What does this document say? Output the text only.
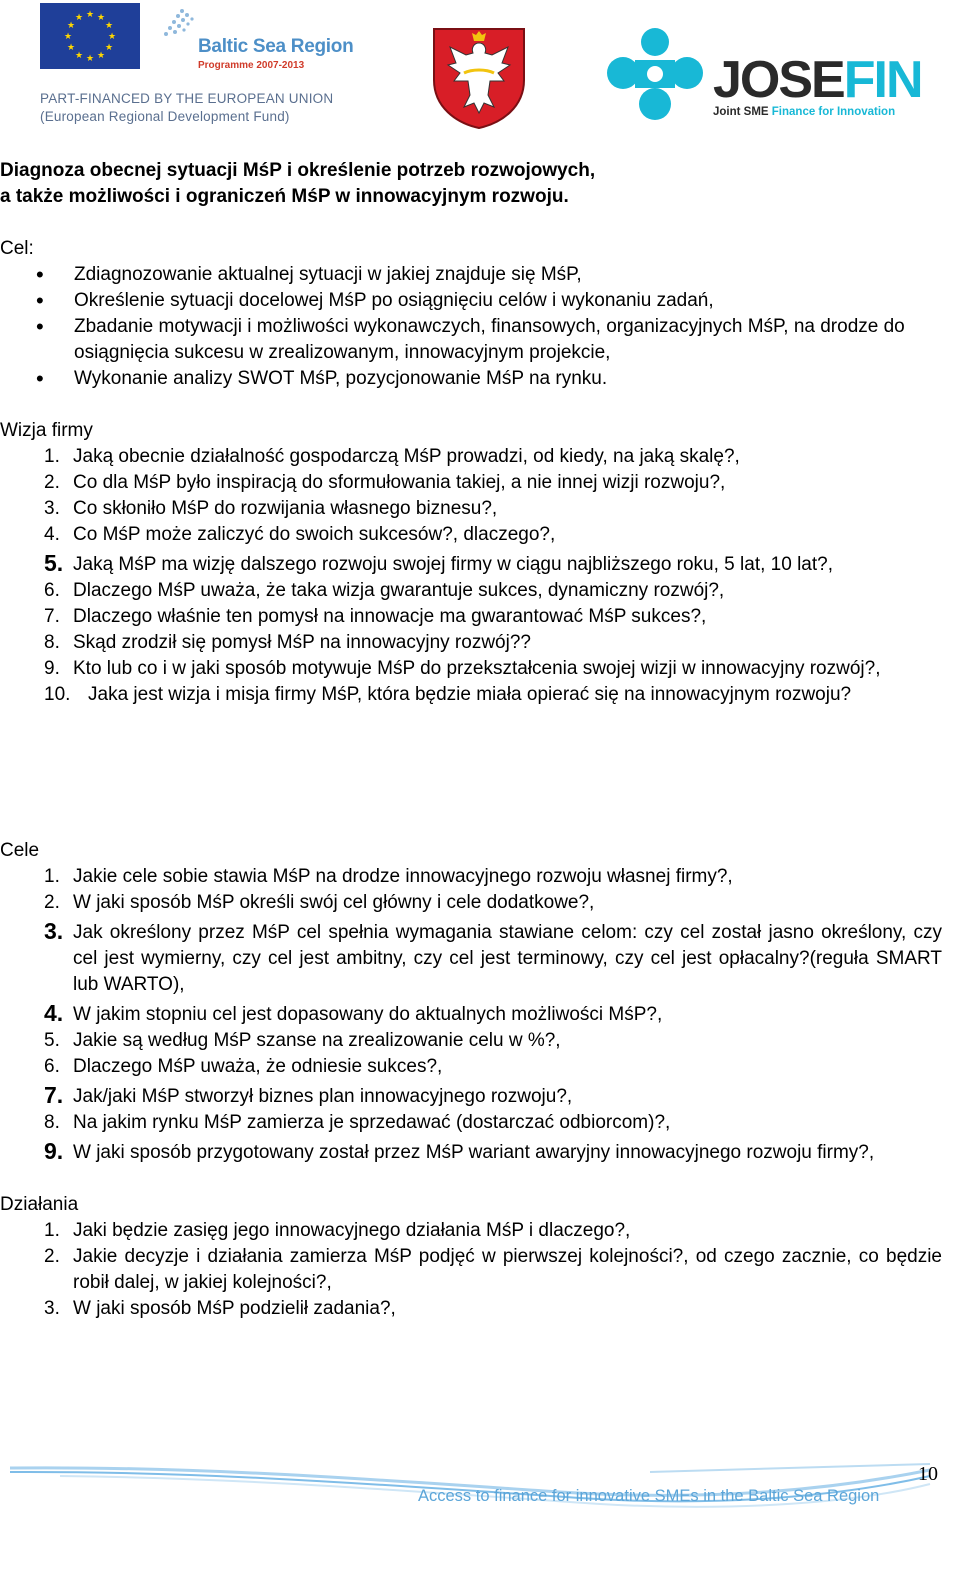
★ ★
★
★
★
★
★
★
★
★
★
★
Baltic Sea Region
Programme 2007-2013
PART-FINANCED BY THE EUROPEAN UNION
(European Regional Development Fund)
JOSEFIN
Joint SME Finance for Innovation

Diagnoza obecnej sytuacji MśP i określenie potrzeb rozwojowych,

a także możliwości i ograniczeń MśP w innowacyjnym rozwoju.

Cel:

• Zdiagnozowanie aktualnej sytuacji w jakiej znajduje się MśP,
• Określenie sytuacji docelowej MśP po osiągnięciu celów i wykonaniu zadań,
• Zbadanie motywacji i możliwości wykonawczych, finansowych, organizacyjnych MśP, na drodze do osiągnięcia sukcesu w zrealizowanym, innowacyjnym projekcie,
• Wykonanie analizy SWOT MśP, pozycjonowanie MśP na rynku.

Wizja firmy

1. Jaką obecnie działalność gospodarczą MśP prowadzi, od kiedy, na jaką skalę?,
2. Co dla MśP było inspiracją do sformułowania takiej, a nie innej wizji rozwoju?,
3. Co skłoniło MśP do rozwijania własnego biznesu?,
4. Co MśP może zaliczyć do swoich sukcesów?, dlaczego?,
5. Jaką MśP ma wizję dalszego rozwoju swojej firmy w ciągu najbliższego roku, 5 lat, 10 lat?,
6. Dlaczego MśP uważa, że taka wizja gwarantuje sukces, dynamiczny rozwój?,
7. Dlaczego właśnie ten pomysł na innowacje ma gwarantować MśP sukces?,
8. Skąd zrodził się pomysł MśP na innowacyjny rozwój??
9. Kto lub co i w jaki sposób motywuje MśP do przekształcenia swojej wizji w innowacyjny rozwój?,
10. Jaka jest wizja i misja firmy MśP, która będzie miała opierać się na innowacyjnym rozwoju?

Cele

1. Jakie cele sobie stawia MśP na drodze innowacyjnego rozwoju własnej firmy?,
2. W jaki sposób MśP określi swój cel główny i cele dodatkowe?,
3. Jak określony przez MśP cel spełnia wymagania stawiane celom: czy cel został jasno określony, czy cel jest wymierny, czy cel jest ambitny, czy cel jest terminowy, czy cel jest opłacalny?(reguła SMART lub WARTO),
4. W jakim stopniu cel jest dopasowany do aktualnych możliwości MśP?,
5. Jakie są według MśP szanse na zrealizowanie celu w %?,
6. Dlaczego MśP uważa, że odniesie sukces?,
7. Jak/jaki MśP stworzył biznes plan innowacyjnego rozwoju?,
8. Na jakim rynku MśP zamierza je sprzedawać (dostarczać odbiorcom)?,
9. W jaki sposób przygotowany został przez MśP wariant awaryjny innowacyjnego rozwoju firmy?,

Działania

1. Jaki będzie zasięg jego innowacyjnego działania MśP i dlaczego?,
2. Jakie decyzje i działania zamierza MśP podjęć w pierwszej kolejności?, od czego zacznie, co będzie robił dalej, w jakiej kolejności?,
3. W jaki sposób MśP podzielił zadania?,
Access to finance for innovative SMEs in the Baltic Sea Region
10
